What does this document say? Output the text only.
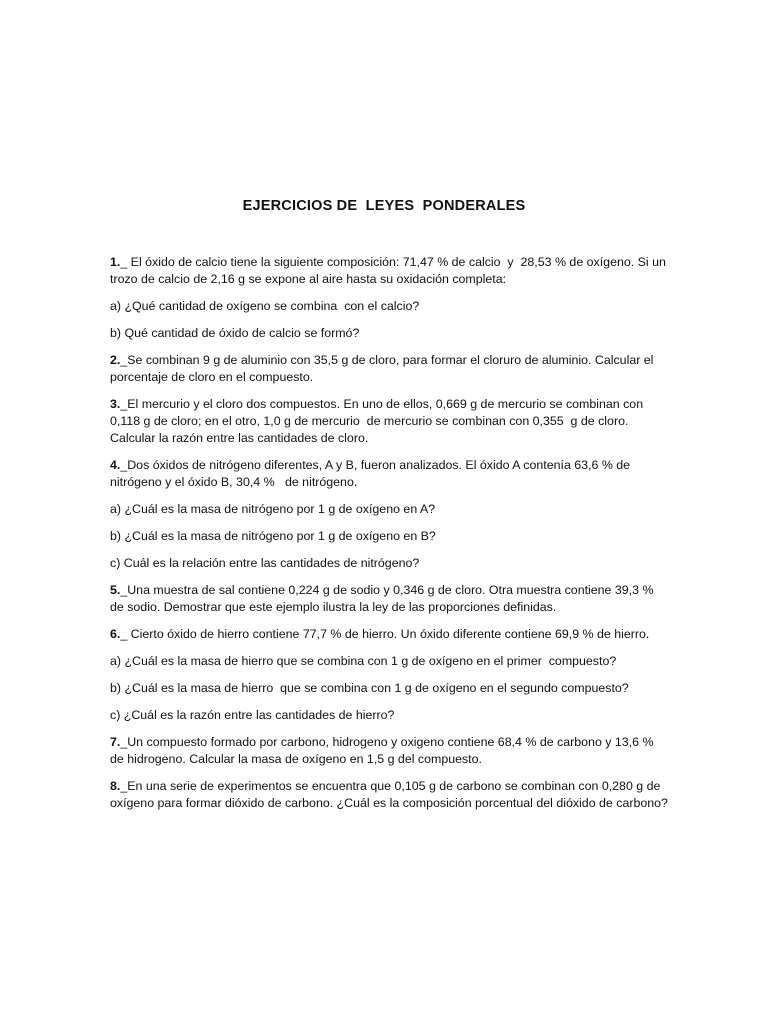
EJERCICIOS DE  LEYES  PONDERALES

1._ El óxido de calcio tiene la siguiente composición: 71,47 % de calcio  y  28,53 % de oxígeno. Si un trozo de calcio de 2,16 g se expone al aire hasta su oxidación completa:

a) ¿Qué cantidad de oxígeno se combina  con el calcio?

b) Qué cantidad de óxido de calcio se formó?

2._Se combinan 9 g de aluminio con 35,5 g de cloro, para formar el cloruro de aluminio. Calcular el porcentaje de cloro en el compuesto.

3._El mercurio y el cloro dos compuestos. En uno de ellos, 0,669 g de mercurio se combinan con 0,118 g de cloro; en el otro, 1,0 g de mercurio  de mercurio se combinan con 0,355  g de cloro. Calcular la razón entre las cantidades de cloro.

4._Dos óxidos de nitrógeno diferentes, A y B, fueron analizados. El óxido A contenía 63,6 % de nitrógeno y el óxido B, 30,4 %   de nitrógeno.

a) ¿Cuál es la masa de nitrógeno por 1 g de oxígeno en A?

b) ¿Cuál es la masa de nitrógeno por 1 g de oxígeno en B?

c) Cuál es la relación entre las cantidades de nitrógeno?

5._Una muestra de sal contiene 0,224 g de sodio y 0,346 g de cloro. Otra muestra contiene 39,3 % de sodio. Demostrar que este ejemplo ilustra la ley de las proporciones definidas.

6._ Cierto óxido de hierro contiene 77,7 % de hierro. Un óxido diferente contiene 69,9 % de hierro.

a) ¿Cuál es la masa de hierro que se combina con 1 g de oxígeno en el primer  compuesto?

b) ¿Cuál es la masa de hierro  que se combina con 1 g de oxígeno en el segundo compuesto?

c) ¿Cuál es la razón entre las cantidades de hierro?

7._Un compuesto formado por carbono, hidrogeno y oxigeno contiene 68,4 % de carbono y 13,6 % de hidrogeno. Calcular la masa de oxígeno en 1,5 g del compuesto.

8._En una serie de experimentos se encuentra que 0,105 g de carbono se combinan con 0,280 g de oxígeno para formar dióxido de carbono. ¿Cuál es la composición porcentual del dióxido de carbono?
